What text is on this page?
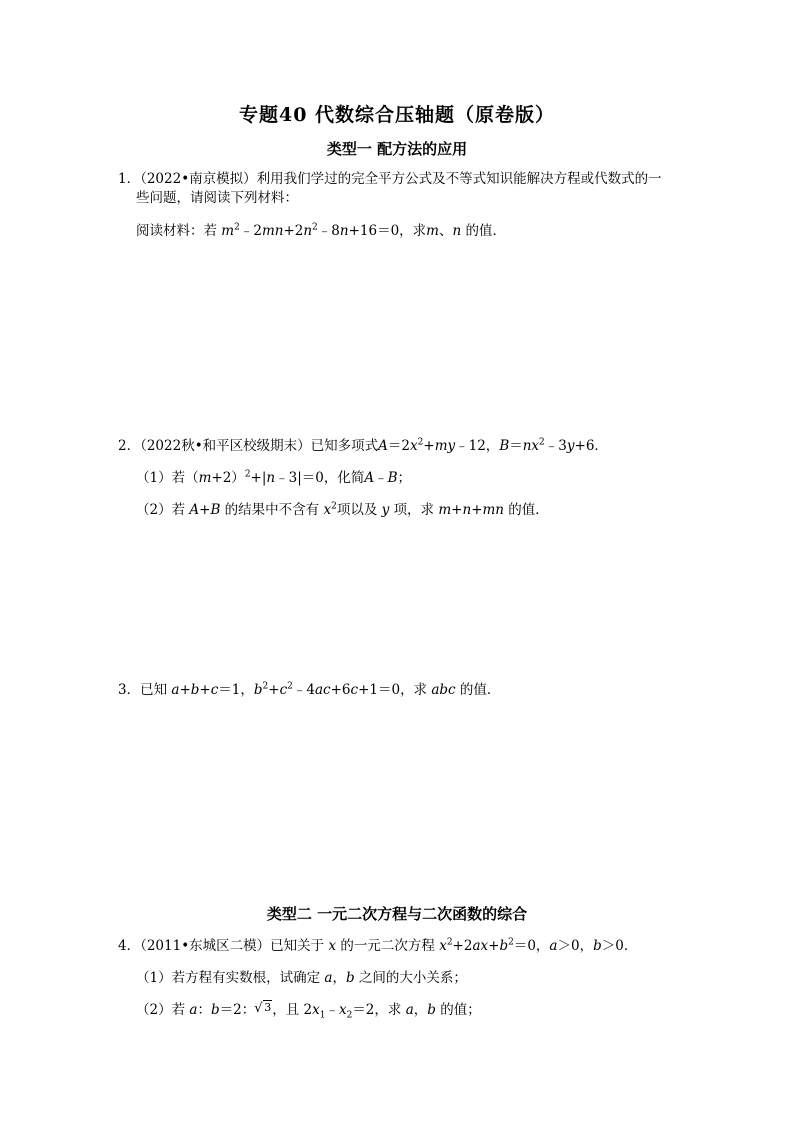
专题40 代数综合压轴题（原卷版）
类型一 配方法的应用
1．（2022•南京模拟）利用我们学过的完全平方公式及不等式知识能解决方程或代数式的一
些问题，请阅读下列材料：
阅读材料：若 $m^2﹣2mn+2n^2﹣8n+16=0$，求m、n 的值．
2．（2022秋•和平区校级期末）已知多项式$A=2x^2+my﹣12$，$B=nx^2﹣3y+6$．
（1）若$(m+2)^2+|n﹣3|=0$，化简A﹣B；
（2）若 A+B 的结果中不含有 $x^2$项以及 y 项，求 m+n+mn 的值．
3．已知 a+b+c＝1，$b^2+c^2﹣4ac+6c+1=0$，求 abc 的值．
类型二 一元二次方程与二次函数的综合
4．（2011•东城区二模）已知关于 x 的一元二次方程 $x^2+2ax+b^2=0$，a＞0，b＞0．
（1）若方程有实数根，试确定 a，b 之间的大小关系；
（2）若 a：b＝2：√ $^3$，且 $2x_1﹣x_2=2$，求 a，b 的值；
